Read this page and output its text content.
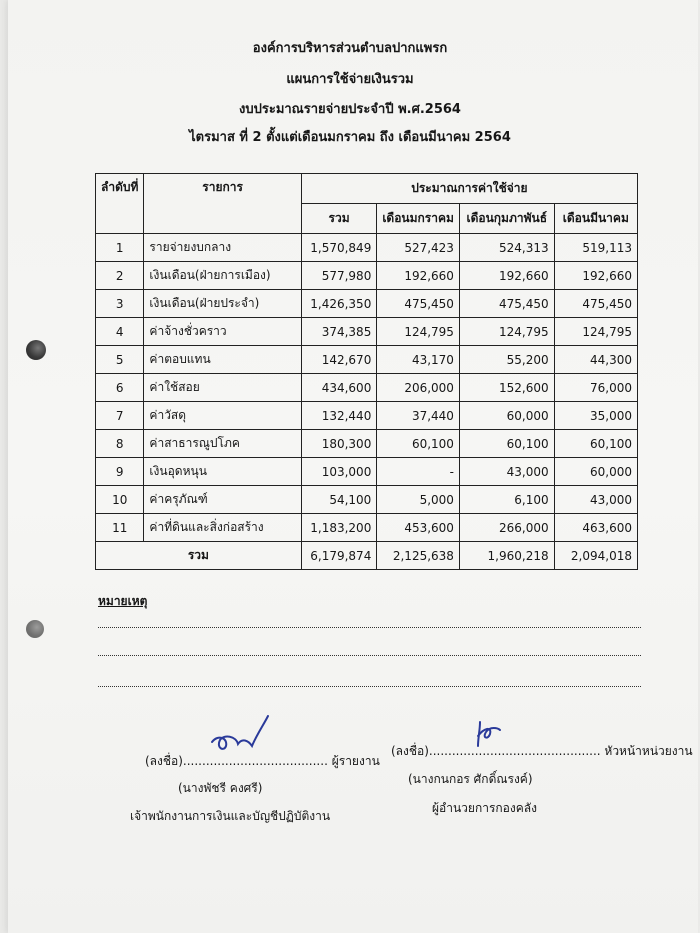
องค์การบริหารส่วนตำบลปากแพรก
แผนการใช้จ่ายเงินรวม
งบประมาณรายจ่ายประจำปี พ.ศ.2564
ไตรมาส ที่ 2 ตั้งแต่เดือนมกราคม ถึง เดือนมีนาคม 2564
ลำดับที่	รายการ	ประมาณการค่าใช้จ่าย			
		รวม	เดือนมกราคม	เดือนกุมภาพันธ์	เดือนมีนาคม
1	รายจ่ายงบกลาง	1,570,849	527,423	524,313	519,113
2	เงินเดือน(ฝ่ายการเมือง)	577,980	192,660	192,660	192,660
3	เงินเดือน(ฝ่ายประจำ)	1,426,350	475,450	475,450	475,450
4	ค่าจ้างชั่วคราว	374,385	124,795	124,795	124,795
5	ค่าตอบแทน	142,670	43,170	55,200	44,300
6	ค่าใช้สอย	434,600	206,000	152,600	76,000
7	ค่าวัสดุ	132,440	37,440	60,000	35,000
8	ค่าสาธารณูปโภค	180,300	60,100	60,100	60,100
9	เงินอุดหนุน	103,000	-	43,000	60,000
10	ค่าครุภัณฑ์	54,100	5,000	6,100	43,000
11	ค่าที่ดินและสิ่งก่อสร้าง	1,183,200	453,600	266,000	463,600
รวม		6,179,874	2,125,638	1,960,218	2,094,018
หมายเหตุ
(ลงชื่อ)...................................... ผู้รายงาน
(นางพัชรี คงศรี)
เจ้าพนักงานการเงินและบัญชีปฏิบัติงาน
(ลงชื่อ)............................................. หัวหน้าหน่วยงาน
(นางกนกอร ศักดิ์ณรงค์)
ผู้อำนวยการกองคลัง
